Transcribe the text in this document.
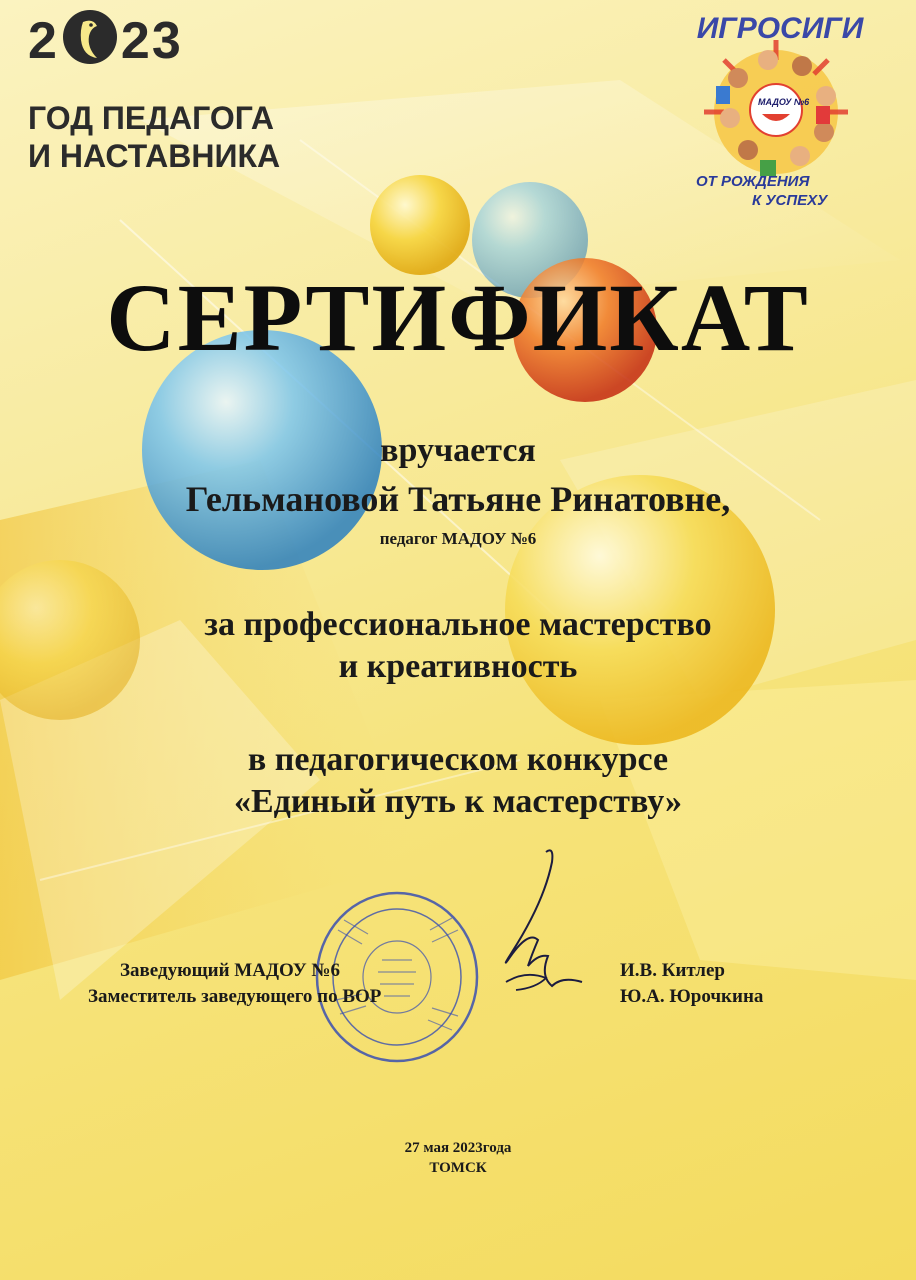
2 23
ГОД ПЕДАГОГА
И НАСТАВНИКА
ИГРОСИГИ
МАДОУ №6
ОТ РОЖДЕНИЯ
К УСПЕХУ
СЕРТИФИКАТ
вручается
Гельмановой Татьяне Ринатовне,
педагог МАДОУ №6
за профессиональное мастерство
и креативность
в педагогическом конкурсе
«Единый путь к мастерству»
Заведующий МАДОУ №6	И.В. Китлер
Заместитель заведующего по ВОР	Ю.А. Юрочкина
27 мая 2023года
ТОМСК
